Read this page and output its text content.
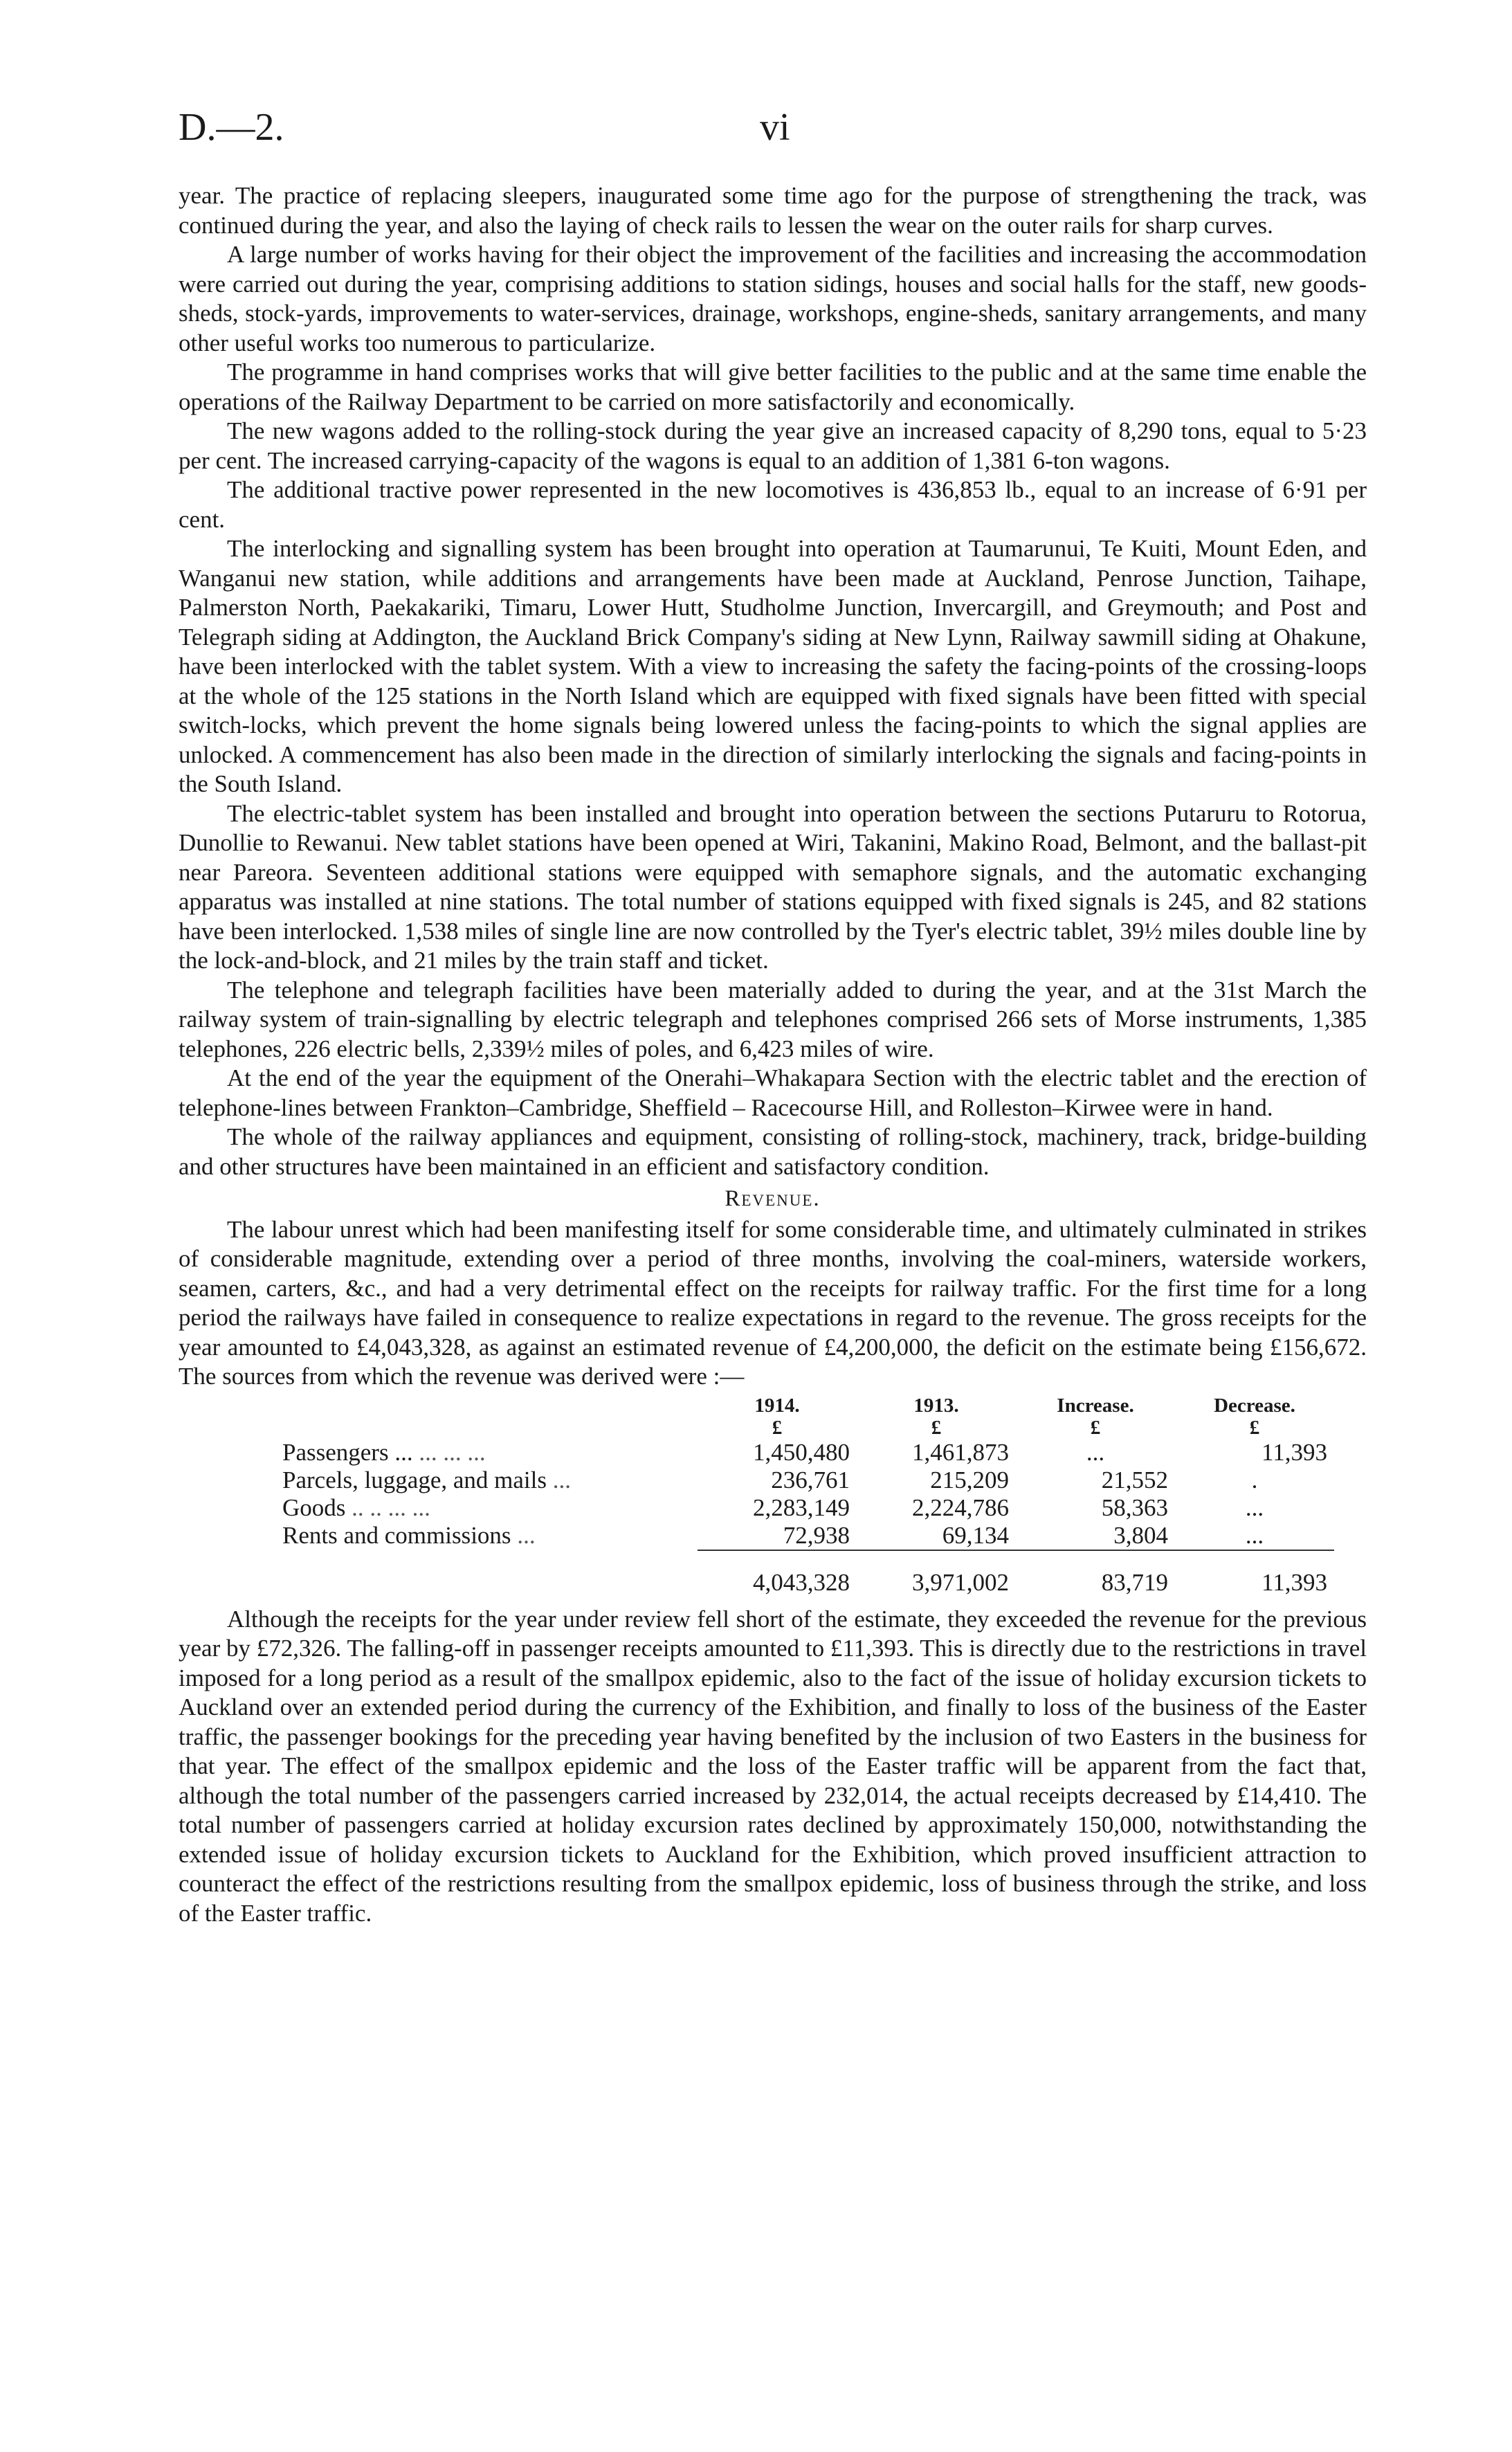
D.—2.	vi

year. The practice of replacing sleepers, inaugurated some time ago for the purpose of strengthening the track, was continued during the year, and also the laying of check rails to lessen the wear on the outer rails for sharp curves.

A large number of works having for their object the improvement of the facilities and increasing the accommodation were carried out during the year, comprising additions to station sidings, houses and social halls for the staff, new goods-sheds, stock-yards, improvements to water-services, drainage, workshops, engine-sheds, sanitary arrangements, and many other useful works too numerous to particularize.

The programme in hand comprises works that will give better facilities to the public and at the same time enable the operations of the Railway Department to be carried on more satisfactorily and economically.

The new wagons added to the rolling-stock during the year give an increased capacity of 8,290 tons, equal to 5·23 per cent. The increased carrying-capacity of the wagons is equal to an addition of 1,381 6-ton wagons.

The additional tractive power represented in the new locomotives is 436,853 lb., equal to an increase of 6·91 per cent.

The interlocking and signalling system has been brought into operation at Taumarunui, Te Kuiti, Mount Eden, and Wanganui new station, while additions and arrangements have been made at Auckland, Penrose Junction, Taihape, Palmerston North, Paekakariki, Timaru, Lower Hutt, Studholme Junction, Invercargill, and Greymouth; and Post and Telegraph siding at Addington, the Auckland Brick Company's siding at New Lynn, Railway sawmill siding at Ohakune, have been interlocked with the tablet system. With a view to increasing the safety the facing-points of the crossing-loops at the whole of the 125 stations in the North Island which are equipped with fixed signals have been fitted with special switch-locks, which prevent the home signals being lowered unless the facing-points to which the signal applies are unlocked. A commencement has also been made in the direction of similarly interlocking the signals and facing-points in the South Island.

The electric-tablet system has been installed and brought into operation between the sections Putaruru to Rotorua, Dunollie to Rewanui. New tablet stations have been opened at Wiri, Takanini, Makino Road, Belmont, and the ballast-pit near Pareora. Seventeen additional stations were equipped with semaphore signals, and the automatic exchanging apparatus was installed at nine stations. The total number of stations equipped with fixed signals is 245, and 82 stations have been interlocked. 1,538 miles of single line are now controlled by the Tyer's electric tablet, 39½ miles double line by the lock-and-block, and 21 miles by the train staff and ticket.

The telephone and telegraph facilities have been materially added to during the year, and at the 31st March the railway system of train-signalling by electric telegraph and telephones comprised 266 sets of Morse instruments, 1,385 telephones, 226 electric bells, 2,339½ miles of poles, and 6,423 miles of wire.

At the end of the year the equipment of the Onerahi–Whakapara Section with the electric tablet and the erection of telephone-lines between Frankton–Cambridge, Sheffield – Racecourse Hill, and Rolleston–Kirwee were in hand.

The whole of the railway appliances and equipment, consisting of rolling-stock, machinery, track, bridge-building and other structures have been maintained in an efficient and satisfactory condition.

Revenue.

The labour unrest which had been manifesting itself for some considerable time, and ultimately culminated in strikes of considerable magnitude, extending over a period of three months, involving the coal-miners, waterside workers, seamen, carters, &c., and had a very detrimental effect on the receipts for railway traffic. For the first time for a long period the railways have failed in consequence to realize expectations in regard to the revenue. The gross receipts for the year amounted to £4,043,328, as against an estimated revenue of £4,200,000, the deficit on the estimate being £156,672. The sources from which the revenue was derived were :—

	1914.	1913.	Increase.	Decrease.
	£	£	£	£
Passengers ... ... ... ...	1,450,480	1,461,873	...	11,393
Parcels, luggage, and mails ...	236,761	215,209	21,552	.
Goods .. .. ... ...	2,283,149	2,224,786	58,363	...
Rents and commissions ...	72,938	69,134	3,804	...

	4,043,328	3,971,002	83,719	11,393

Although the receipts for the year under review fell short of the estimate, they exceeded the revenue for the previous year by £72,326. The falling-off in passenger receipts amounted to £11,393. This is directly due to the restrictions in travel imposed for a long period as a result of the smallpox epidemic, also to the fact of the issue of holiday excursion tickets to Auckland over an extended period during the currency of the Exhibition, and finally to loss of the business of the Easter traffic, the passenger bookings for the preceding year having benefited by the inclusion of two Easters in the business for that year. The effect of the smallpox epidemic and the loss of the Easter traffic will be apparent from the fact that, although the total number of the passengers carried increased by 232,014, the actual receipts decreased by £14,410. The total number of passengers carried at holiday excursion rates declined by approximately 150,000, notwithstanding the extended issue of holiday excursion tickets to Auckland for the Exhibition, which proved insufficient attraction to counteract the effect of the restrictions resulting from the smallpox epidemic, loss of business through the strike, and loss of the Easter traffic.
